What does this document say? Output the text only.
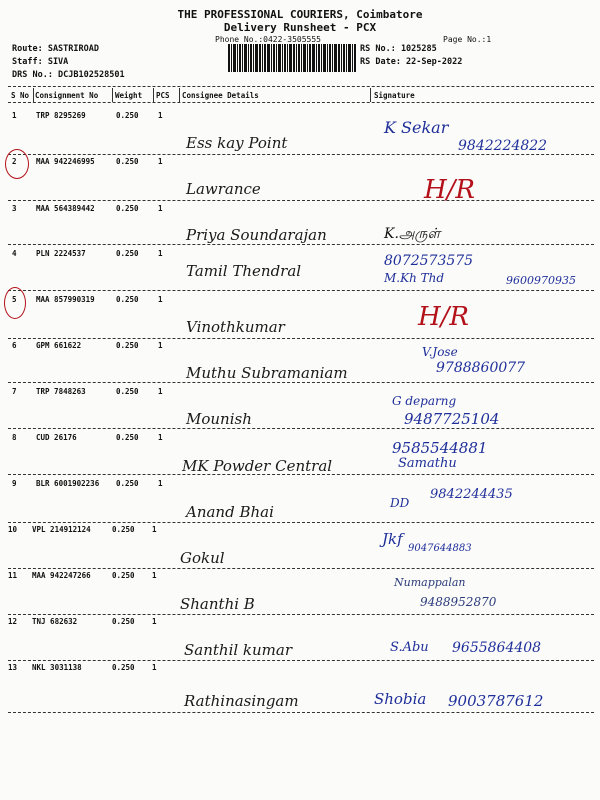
THE PROFESSIONAL COURIERS, Coimbatore
Delivery Runsheet - PCX
Phone No.:0422-3505555	Page No.:1
Route: SASTRIROAD
Staff: SIVA
DRS No.: DCJB102528501
RS No.: 1025285
RS Date: 22-Sep-2022
S No Consignment No Weight PCS Consignee Details	Signature
1	TRP 8295269	0.250	1
Ess kay Point
K Sekar
9842224822
2	MAA 942246995	0.250	1
Lawrance	H/R
3	MAA 564389442	0.250	1
Priya Soundarajan	K.அருள்
4	PLN 2224537	0.250	1
Tamil Thendral
8072573575
M.Kh Thd	9600970935
5	MAA 857990319	0.250	1
Vinothkumar	H/R
6	GPM 661622	0.250	1
Muthu Subramaniam
V.Jose
9788860077
7	TRP 7848263	0.250	1
Mounish
G deparng
9487725104
8	CUD 26176	0.250	1
MK Powder Central
9585544881
Samathu
9	BLR 6001902236 0.250	1
Anand Bhai	DD
9842244435
10 VPL 214912124	0.250 1
Gokul
Jkf
9047644883
11 MAA 942247266	0.250 1
Shanthi B
Numappalan
9488952870
12 TNJ 682632	0.250 1
Santhil kumar	S.Abu 9655864408
13 NKL 3031138	0.250 1
Rathinasingam	Shobia 9003787612
